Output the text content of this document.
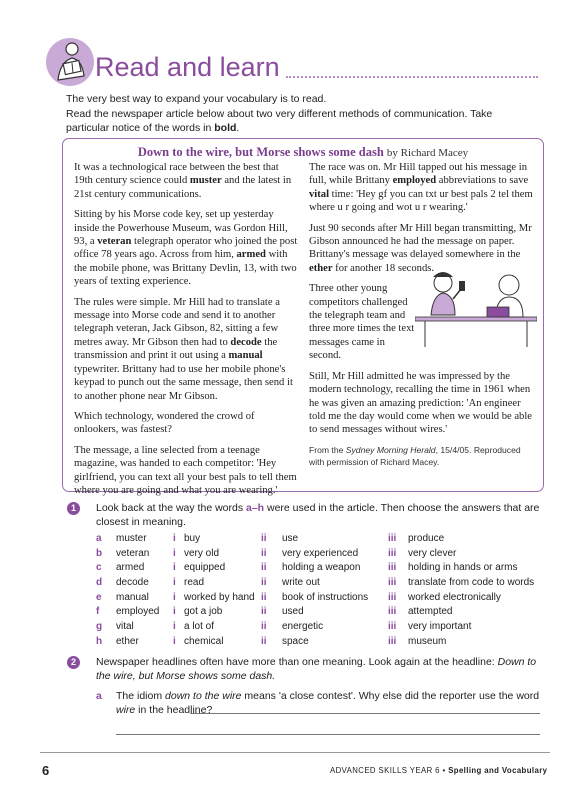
Read and learn
The very best way to expand your vocabulary is to read.
Read the newspaper article below about two very different methods of communication. Take particular notice of the words in bold.
Down to the wire, but Morse shows some dash by Richard Macey

It was a technological race between the best that 19th century science could muster and the latest in 21st century communications.

Sitting by his Morse code key, set up yesterday inside the Powerhouse Museum, was Gordon Hill, 93, a veteran telegraph operator who joined the post office 78 years ago. Across from him, armed with the mobile phone, was Brittany Devlin, 13, with two years of texting experience.

The rules were simple. Mr Hill had to translate a message into Morse code and send it to another telegraph veteran, Jack Gibson, 82, sitting a few metres away. Mr Gibson then had to decode the transmission and print it out using a manual typewriter. Brittany had to use her mobile phone's keypad to punch out the same message, then send it to another phone near Mr Gibson.

Which technology, wondered the crowd of onlookers, was fastest?

The message, a line selected from a teenage magazine, was handed to each competitor: 'Hey girlfriend, you can text all your best pals to tell them where you are going and what you are wearing.'

The race was on. Mr Hill tapped out his message in full, while Brittany employed abbreviations to save vital time: 'Hey gf you can txt ur best pals 2 tel them where u r going and wot u r wearing.'

Just 90 seconds after Mr Hill began transmitting, Mr Gibson announced he had the message on paper. Brittany's message was delayed somewhere in the ether for another 18 seconds.

Three other young competitors challenged the telegraph team and three more times the text messages came in second.

Still, Mr Hill admitted he was impressed by the modern technology, recalling the time in 1961 when he was given an amazing prediction: 'An engineer told me the day would come when we would be able to send messages without wires.'

From the Sydney Morning Herald, 15/4/05. Reproduced with permission of Richard Macey.
1	Look back at the way the words a–h were used in the article. Then choose the answers that are closest in meaning.
a muster	i buy	ii use	iii produce
b veteran i very old	ii very experienced	iii very clever
c armed	i equipped	ii holding a weapon	iii holding in hands or arms
d decode i read	ii write out	iii translate from code to words
e manual i worked by hand ii book of instructions iii worked electronically
f employed i got a job	ii used	iii attempted
g vital	i a lot of	ii energetic	iii very important
h ether	i chemical	ii space	iii museum
2	Newspaper headlines often have more than one meaning. Look again at the headline: Down to the wire, but Morse shows some dash.
a The idiom down to the wire means 'a close contest'. Why else did the reporter use the word wire in the headline?
6	ADVANCED SKILLS YEAR 6 • Spelling and Vocabulary
